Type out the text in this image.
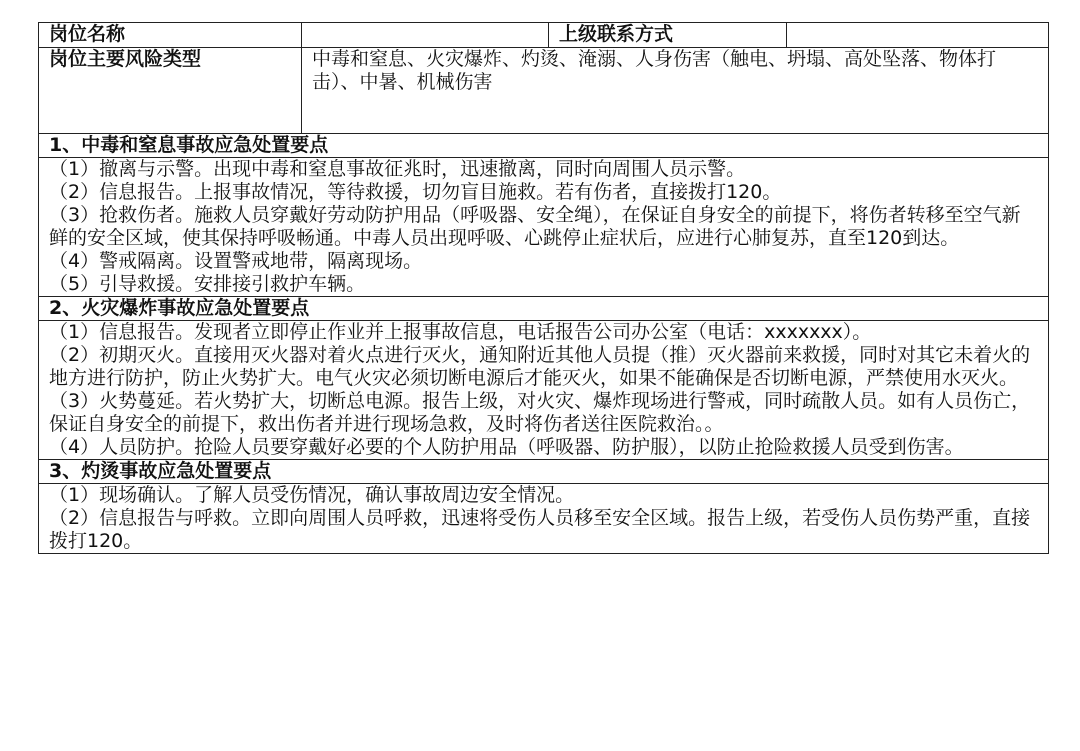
岗位名称		上级联系方式	
岗位主要风险类型	中毒和窒息、火灾爆炸、灼烫、淹溺、人身伤害（触电、坍塌、高处坠落、物体打击）、中暑、机械伤害		
1、中毒和窒息事故应急处置要点			

（1）撤离与示警。出现中毒和窒息事故征兆时，迅速撤离，同时向周围人员示警。
（2）信息报告。上报事故情况，等待救援，切勿盲目施救。若有伤者，直接拨打120。
（3）抢救伤者。施救人员穿戴好劳动防护用品（呼吸器、安全绳），在保证自身安全的前提下，将伤者转移至空气新鲜的安全区域，使其保持呼吸畅通。中毒人员出现呼吸、心跳停止症状后，应进行心肺复苏，直至120到达。
（4）警戒隔离。设置警戒地带，隔离现场。
（5）引导救援。安排接引救护车辆。			

2、火灾爆炸事故应急处置要点			

（1）信息报告。发现者立即停止作业并上报事故信息，电话报告公司办公室（电话：xxxxxxx）。
（2）初期灭火。直接用灭火器对着火点进行灭火，通知附近其他人员提（推）灭火器前来救援，同时对其它未着火的地方进行防护，防止火势扩大。电气火灾必须切断电源后才能灭火，如果不能确保是否切断电源，严禁使用水灭火。
（3）火势蔓延。若火势扩大，切断总电源。报告上级，对火灾、爆炸现场进行警戒，同时疏散人员。如有人员伤亡，保证自身安全的前提下，救出伤者并进行现场急救，及时将伤者送往医院救治。。
（4）人员防护。抢险人员要穿戴好必要的个人防护用品（呼吸器、防护服），以防止抢险救援人员受到伤害。			

3、灼烫事故应急处置要点			

（1）现场确认。了解人员受伤情况，确认事故周边安全情况。
（2）信息报告与呼救。立即向周围人员呼救，迅速将受伤人员移至安全区域。报告上级，若受伤人员伤势严重，直接拨打120。			
